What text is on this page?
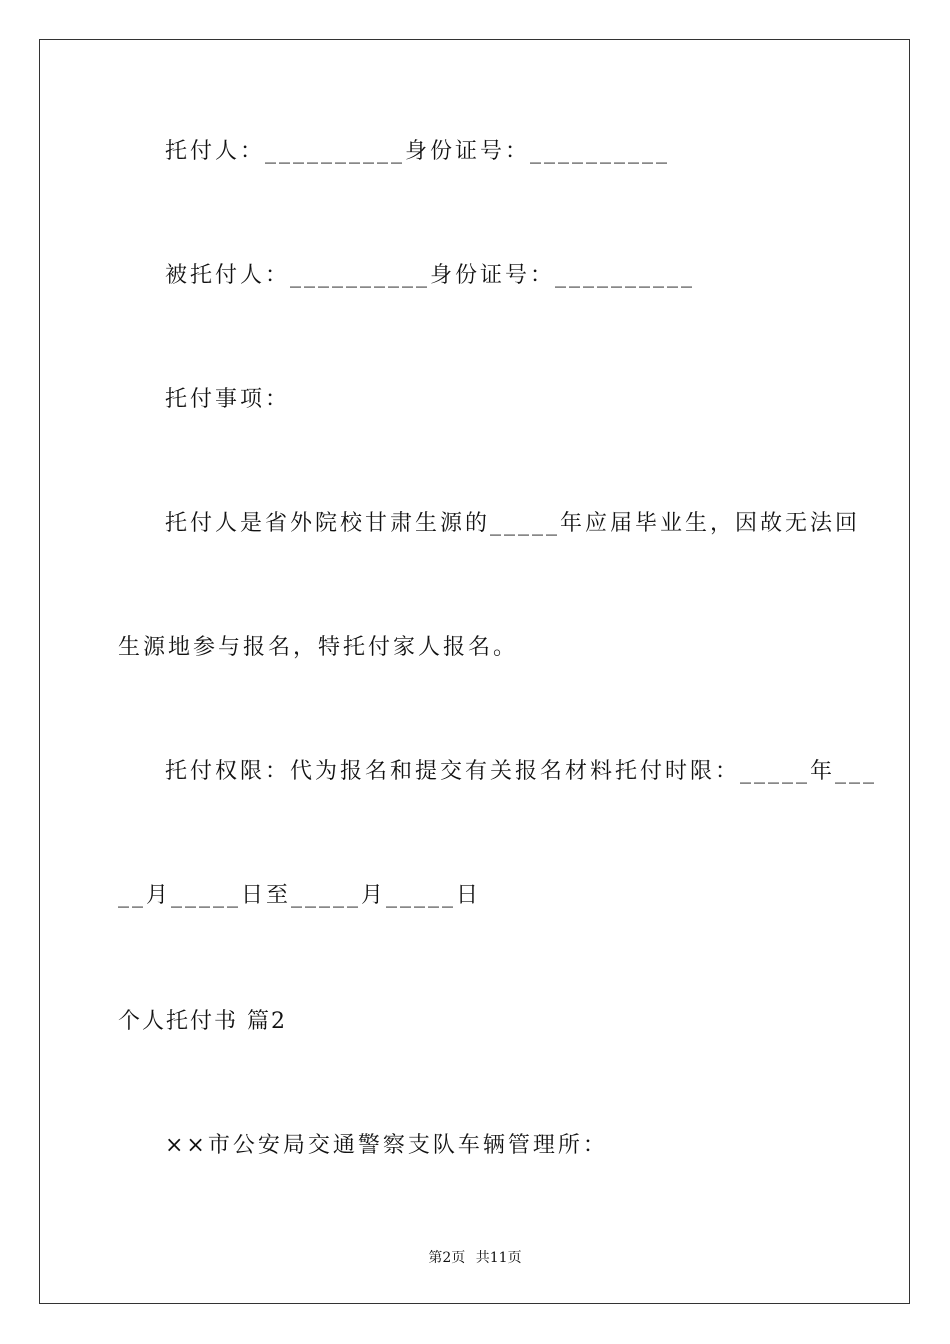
托付人：__________身份证号：__________
被托付人：__________身份证号：__________
托付事项：
托付人是省外院校甘肃生源的_____年应届毕业生，因故无法回
生源地参与报名，特托付家人报名。
托付权限：代为报名和提交有关报名材料托付时限：_____年___
__月_____日至_____月_____日
个人托付书 篇2
××市公安局交通警察支队车辆管理所：
第2页 共11页
